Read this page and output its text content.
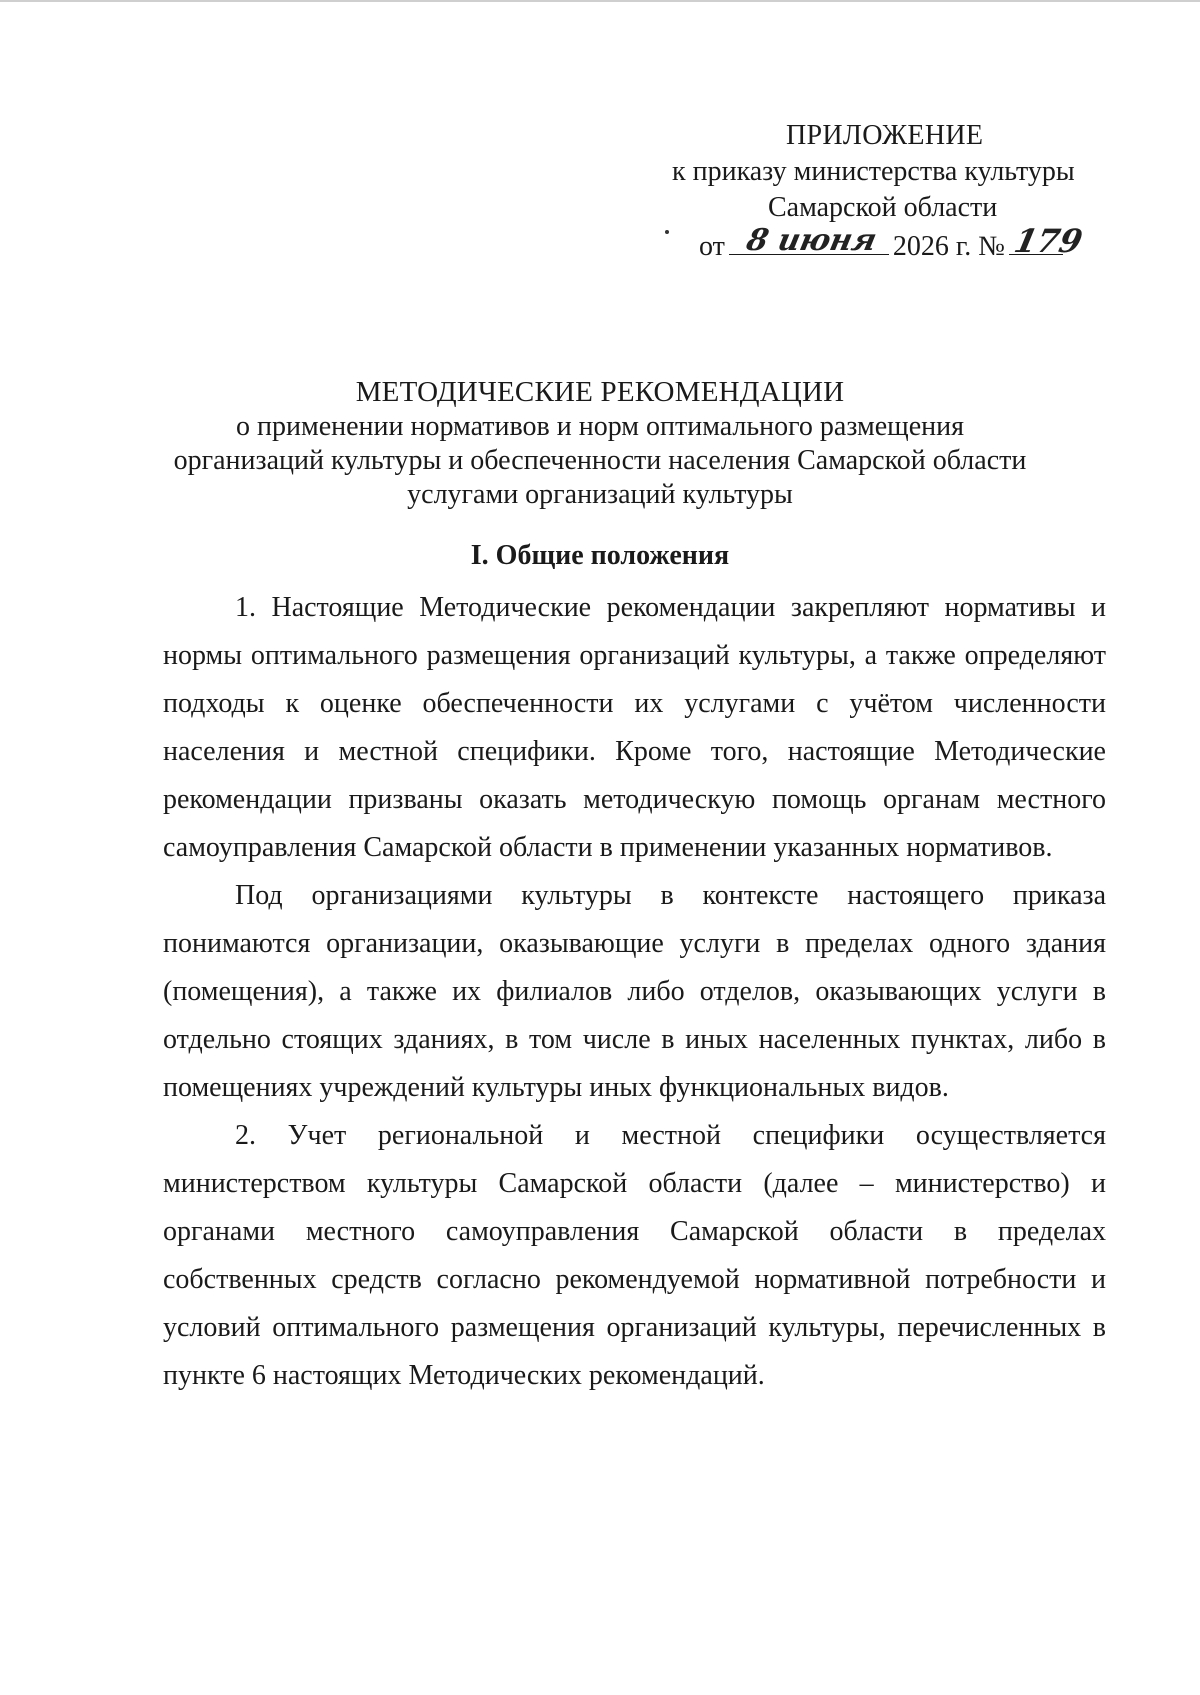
ПРИЛОЖЕНИЕ
к приказу министерства культуры
Самарской области
от 8 июня 2026 г. № 179
МЕТОДИЧЕСКИЕ РЕКОМЕНДАЦИИ
о применении нормативов и норм оптимального размещения
организаций культуры и обеспеченности населения Самарской области
услугами организаций культуры
I. Общие положения

1. Настоящие Методические рекомендации закрепляют нормативы и нормы оптимального размещения организаций культуры, а также определяют подходы к оценке обеспеченности их услугами с учётом численности населения и местной специфики. Кроме того, настоящие Методические рекомендации призваны оказать методическую помощь органам местного самоуправления Самарской области в применении указанных нормативов.

Под организациями культуры в контексте настоящего приказа понимаются организации, оказывающие услуги в пределах одного здания (помещения), а также их филиалов либо отделов, оказывающих услуги в отдельно стоящих зданиях, в том числе в иных населенных пунктах, либо в помещениях учреждений культуры иных функциональных видов.

2. Учет региональной и местной специфики осуществляется министерством культуры Самарской области (далее – министерство) и органами местного самоуправления Самарской области в пределах собственных средств согласно рекомендуемой нормативной потребности и условий оптимального размещения организаций культуры, перечисленных в пункте 6 настоящих Методических рекомендаций.
